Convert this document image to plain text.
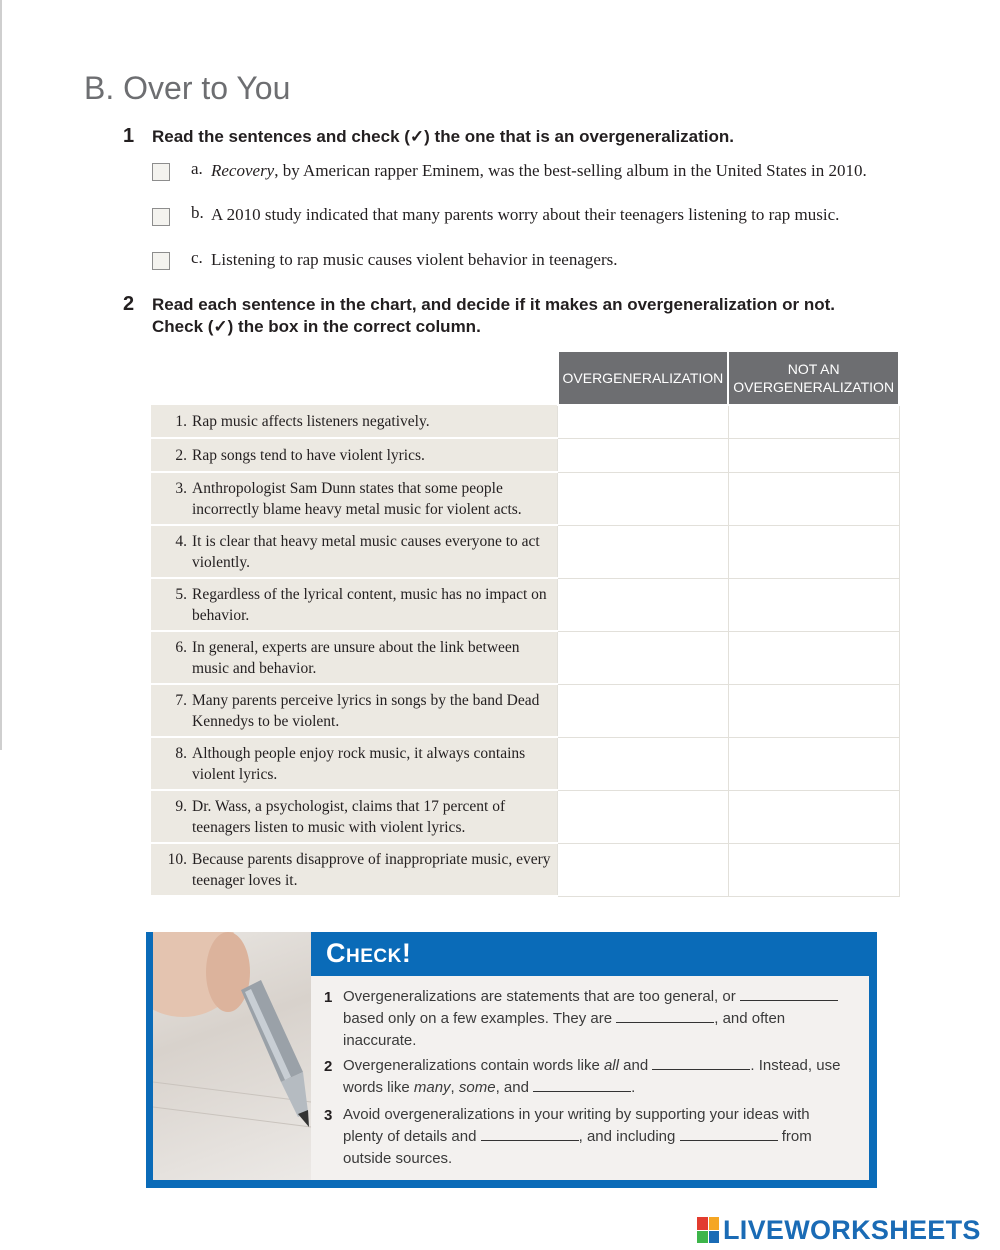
B. Over to You
1 Read the sentences and check (✓) the one that is an overgeneralization.
a. Recovery, by American rapper Eminem, was the best-selling album in the United States in 2010.
b. A 2010 study indicated that many parents worry about their teenagers listening to rap music.
c. Listening to rap music causes violent behavior in teenagers.
2 Read each sentence in the chart, and decide if it makes an overgeneralization or not.
Check (✓) the box in the correct column.
OVERGENERALIZATION	NOT AN
OVERGENERALIZATION

1. Rap music affects listeners negatively.		

2. Rap songs tend to have violent lyrics.		

3. Anthropologist Sam Dunn states that some people incorrectly blame heavy metal music for violent acts.		

4. It is clear that heavy metal music causes everyone to act violently.		

5. Regardless of the lyrical content, music has no impact on behavior.		

6. In general, experts are unsure about the link between music and behavior.		

7. Many parents perceive lyrics in songs by the band Dead Kennedys to be violent.		

8. Although people enjoy rock music, it always contains violent lyrics.		

9. Dr. Wass, a psychologist, claims that 17 percent of teenagers listen to music with violent lyrics.		

10. Because parents disapprove of inappropriate music, every teenager loves it.		

Check!
1 Overgeneralizations are statements that are too general, or
based only on a few examples. They are	, and often inaccurate.
2 Overgeneralizations contain words like all and	. Instead, use words like many, some, and	.
3 Avoid overgeneralizations in your writing by supporting your ideas with plenty of details and	, and including	from outside sources.
LIVEWORKSHEETS
